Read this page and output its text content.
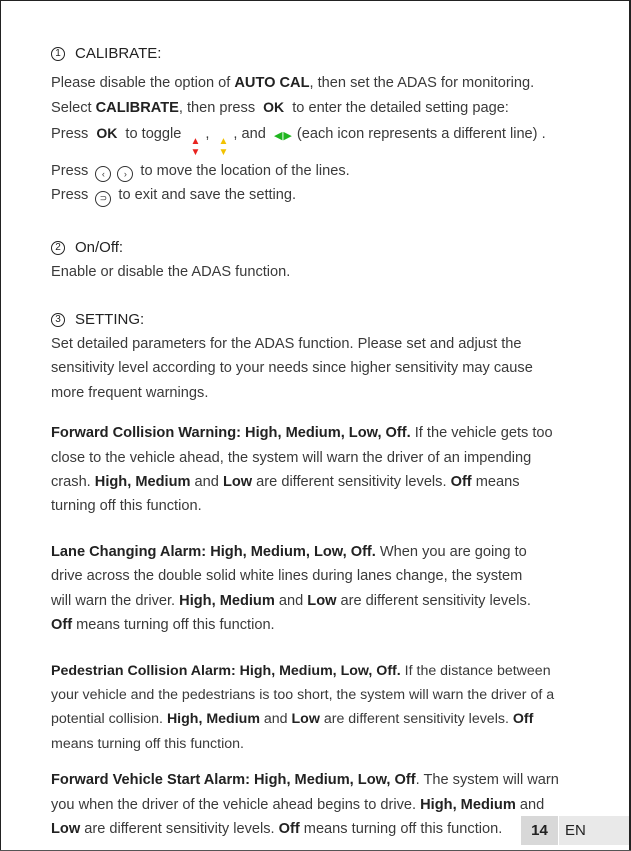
1 CALIBRATE:
Please disable the option of AUTO CAL, then set the ADAS for monitoring.
Select CALIBRATE, then press OK to enter the detailed setting page:
Press OK to toggle ▲
▼
, ▲
▼
, and ◀ ▶ (each icon represents a different line) .
Press ‹ › to move the location of the lines.
Press ⊃ to exit and save the setting.
2 On/Off:
Enable or disable the ADAS function.
3 SETTING:
Set detailed parameters for the ADAS function. Please set and adjust the
sensitivity level according to your needs since higher sensitivity may cause
more frequent warnings.
Forward Collision Warning: High, Medium, Low, Off. If the vehicle gets too
close to the vehicle ahead, the system will warn the driver of an impending
crash. High, Medium and Low are different sensitivity levels. Off means
turning off this function.
Lane Changing Alarm: High, Medium, Low, Off. When you are going to
drive across the double solid white lines during lanes change, the system
will warn the driver. High, Medium and Low are different sensitivity levels.
Off means turning off this function.
Pedestrian Collision Alarm: High, Medium, Low, Off. If the distance between
your vehicle and the pedestrians is too short, the system will warn the driver of a
potential collision. High, Medium and Low are different sensitivity levels. Off
means turning off this function.
Forward Vehicle Start Alarm: High, Medium, Low, Off. The system will warn
you when the driver of the vehicle ahead begins to drive. High, Medium and
Low are different sensitivity levels. Off means turning off this function.	14	EN
